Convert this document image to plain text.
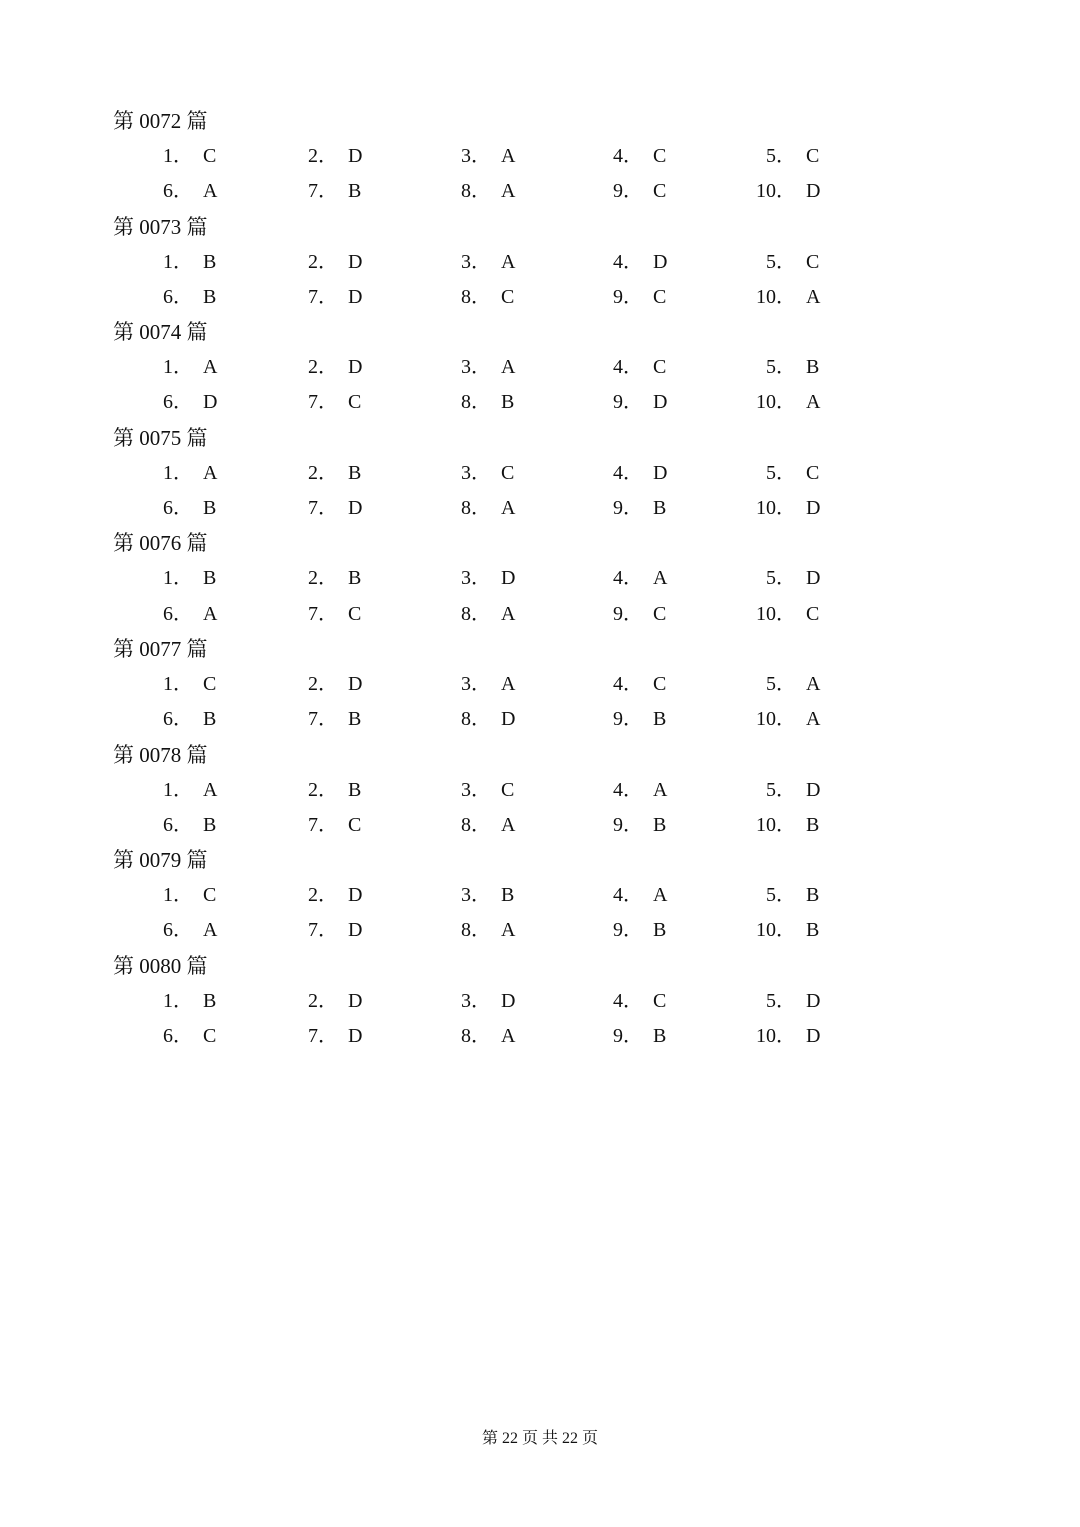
第 0072 篇
1． C	2． D	3． A	4． C	5． C
6． A	7． B	8． A	9． C	10． D
第 0073 篇
1． B	2． D	3． A	4． D	5． C
6． B	7． D	8． C	9． C	10． A
第 0074 篇
1． A	2． D	3． A	4． C	5． B
6． D	7． C	8． B	9． D	10． A
第 0075 篇
1． A	2． B	3． C	4． D	5． C
6． B	7． D	8． A	9． B	10． D
第 0076 篇
1． B	2． B	3． D	4． A	5． D
6． A	7． C	8． A	9． C	10． C
第 0077 篇
1． C	2． D	3． A	4． C	5． A
6． B	7． B	8． D	9． B	10． A
第 0078 篇
1． A	2． B	3． C	4． A	5． D
6． B	7． C	8． A	9． B	10． B
第 0079 篇
1． C	2． D	3． B	4． A	5． B
6． A	7． D	8． A	9． B	10． B
第 0080 篇
1． B	2． D	3． D	4． C	5． D
6． C	7． D	8． A	9． B	10． D
第 22 页 共 22 页
